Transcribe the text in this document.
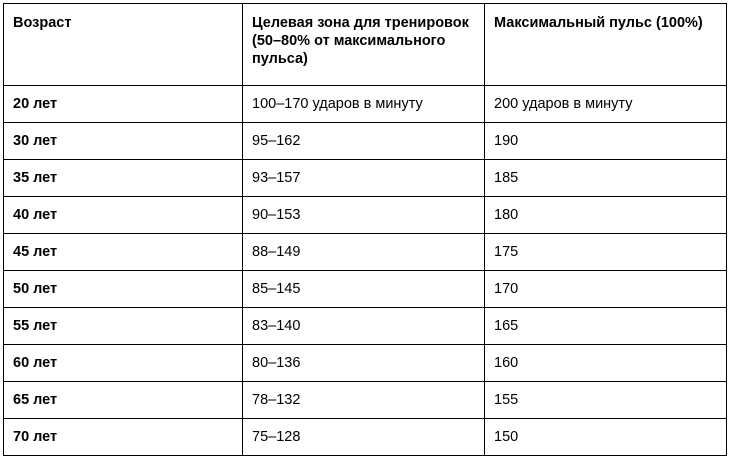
Возраст	Целевая зона для тренировок (50–80% от максимального пульса)	Максимальный пульс (100%)
20 лет	100–170 ударов в минуту	200 ударов в минуту
30 лет	95–162	190
35 лет	93–157	185
40 лет	90–153	180
45 лет	88–149	175
50 лет	85–145	170
55 лет	83–140	165
60 лет	80–136	160
65 лет	78–132	155
70 лет	75–128	150
